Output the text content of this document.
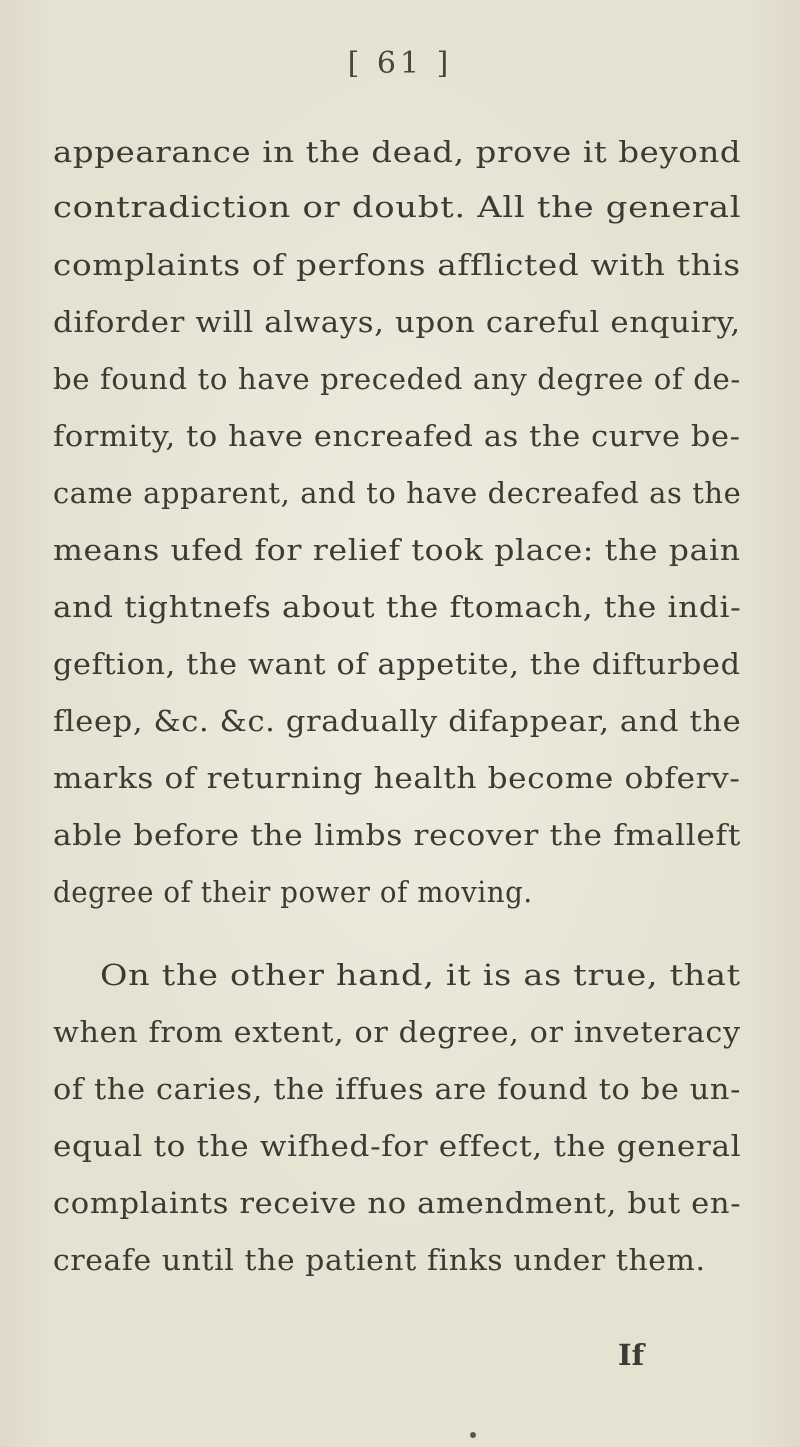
[ 61 ]
appearance in the dead, prove it beyond
contradiction or doubt. All the general
complaints of perfons afflicted with this
diforder will always, upon careful enquiry,
be found to have preceded any degree of de-
formity, to have encreafed as the curve be-
came apparent, and to have decreafed as the
means ufed for relief took place: the pain
and tightnefs about the ftomach, the indi-
geftion, the want of appetite, the difturbed
fleep, &c. &c. gradually difappear, and the
marks of returning health become obferv-
able before the limbs recover the fmalleft
degree of their power of moving.
On the other hand, it is as true, that
when from extent, or degree, or inveteracy
of the caries, the iffues are found to be un-
equal to the wifhed-for effect, the general
complaints receive no amendment, but en-
creafe until the patient finks under them.
If
